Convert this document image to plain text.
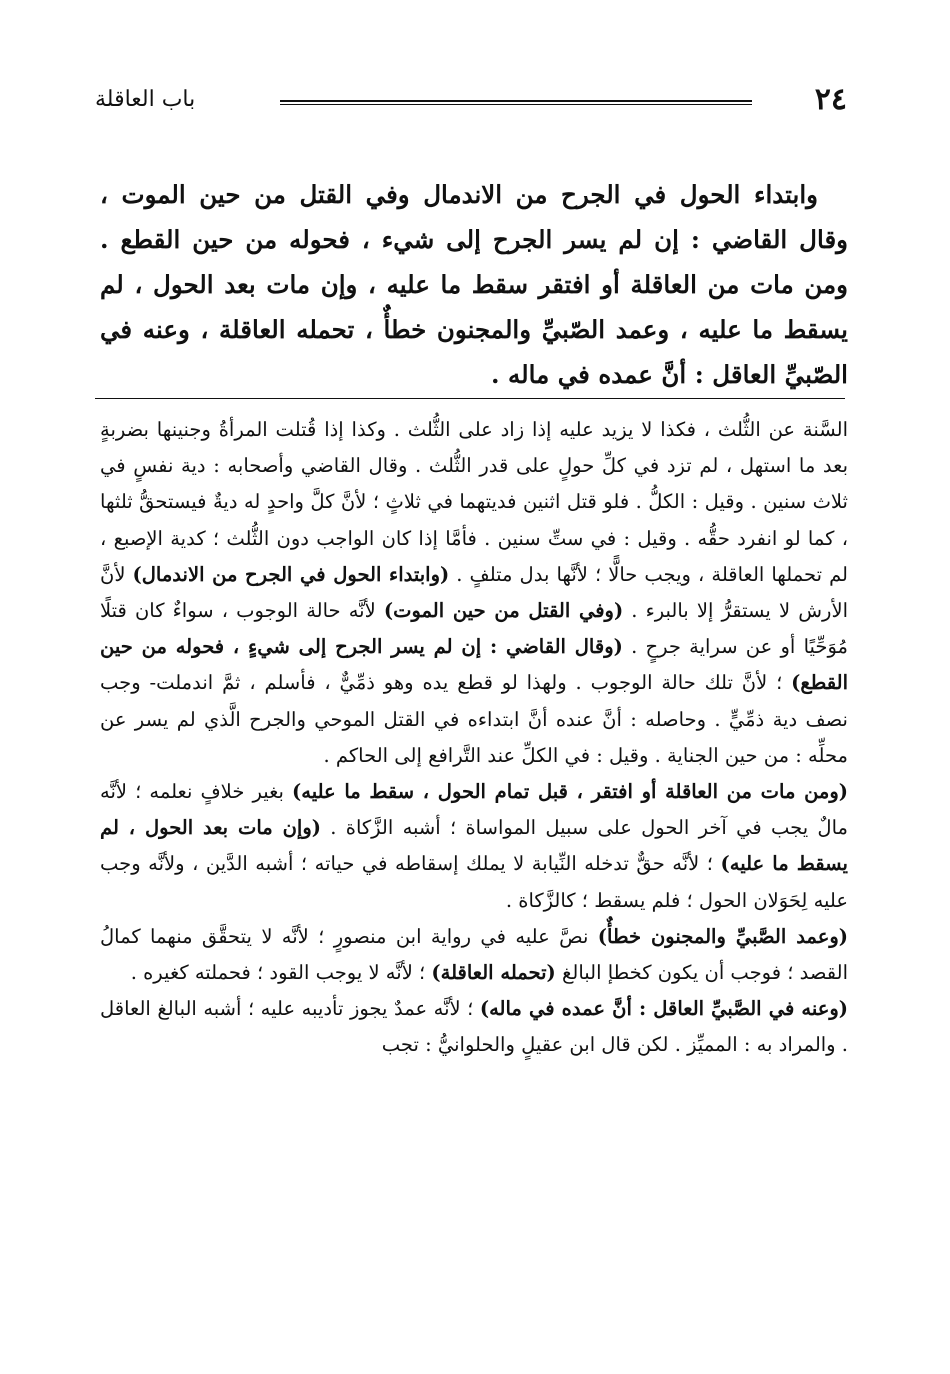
٢٤
باب العاقلة

وابتداء الحول في الجرح من الاندمال وفي القتل من حين الموت ، وقال القاضي : إن لم يسر الجرح إلى شيء ، فحوله من حين القطع . ومن مات من العاقلة أو افتقر سقط ما عليه ، وإن مات بعد الحول ، لم يسقط ما عليه ، وعمد الصّبيِّ والمجنون خطأٌ ، تحمله العاقلة ، وعنه في الصّبيِّ العاقل : أنَّ عمده في ماله .

السَّنة عن الثُّلث ، فكذا لا يزيد عليه إذا زاد على الثُّلث . وكذا إذا قُتلت المرأةُ وجنينها بضربةٍ بعد ما استهل ، لم تزد في كلِّ حولٍ على قدر الثُّلث . وقال القاضي وأصحابه : دية نفسٍ في ثلاث سنين . وقيل : الكلُّ . فلو قتل اثنين فديتهما في ثلاثٍ ؛ لأنَّ كلَّ واحدٍ له ديةٌ فيستحقُّ ثلثها ، كما لو انفرد حقُّه . وقيل : في ستِّ سنين . فأمَّا إذا كان الواجب دون الثُّلث ؛ كدية الإصبع ، لم تحملها العاقلة ، ويجب حالًّا ؛ لأنَّها بدل متلفٍ . (وابتداء الحول في الجرح من الاندمال) لأنَّ الأرش لا يستقرُّ إلا بالبرء . (وفي القتل من حين الموت) لأنَّه حالة الوجوب ، سواءٌ كان قتلًا مُوَحِّيًا أو عن سراية جرحٍ . (وقال القاضي : إن لم يسر الجرح إلى شيءٍ ، فحوله من حين القطع) ؛ لأنَّ تلك حالة الوجوب . ولهذا لو قطع يده وهو ذمِّيٌّ ، فأسلم ، ثمَّ اندملت- وجب نصف دية ذمِّيٍّ . وحاصله : أنَّ عنده أنَّ ابتداءه في القتل الموحي والجرح الَّذي لم يسر عن محلِّه : من حين الجناية . وقيل : في الكلِّ عند التَّرافع إلى الحاكم .

(ومن مات من العاقلة أو افتقر ، قبل تمام الحول ، سقط ما عليه) بغير خلافٍ نعلمه ؛ لأنَّه مالٌ يجب في آخر الحول على سبيل المواساة ؛ أشبه الزَّكاة . (وإن مات بعد الحول ، لم يسقط ما عليه) ؛ لأنَّه حقٌّ تدخله النِّيابة لا يملك إسقاطه في حياته ؛ أشبه الدَّين ، ولأنَّه وجب عليه لِحَوَلان الحول ؛ فلم يسقط ؛ كالزَّكاة .

(وعمد الصَّبيِّ والمجنون خطأٌ) نصَّ عليه في رواية ابن منصورٍ ؛ لأنَّه لا يتحقَّق منهما كمالُ القصد ؛ فوجب أن يكون كخطإ البالغ (تحمله العاقلة) ؛ لأنَّه لا يوجب القود ؛ فحملته كغيره .

(وعنه في الصَّبيِّ العاقل : أنَّ عمده في ماله) ؛ لأنَّه عمدٌ يجوز تأديبه عليه ؛ أشبه البالغ العاقل . والمراد به : المميِّز . لكن قال ابن عقيلٍ والحلوانيُّ : تجب
